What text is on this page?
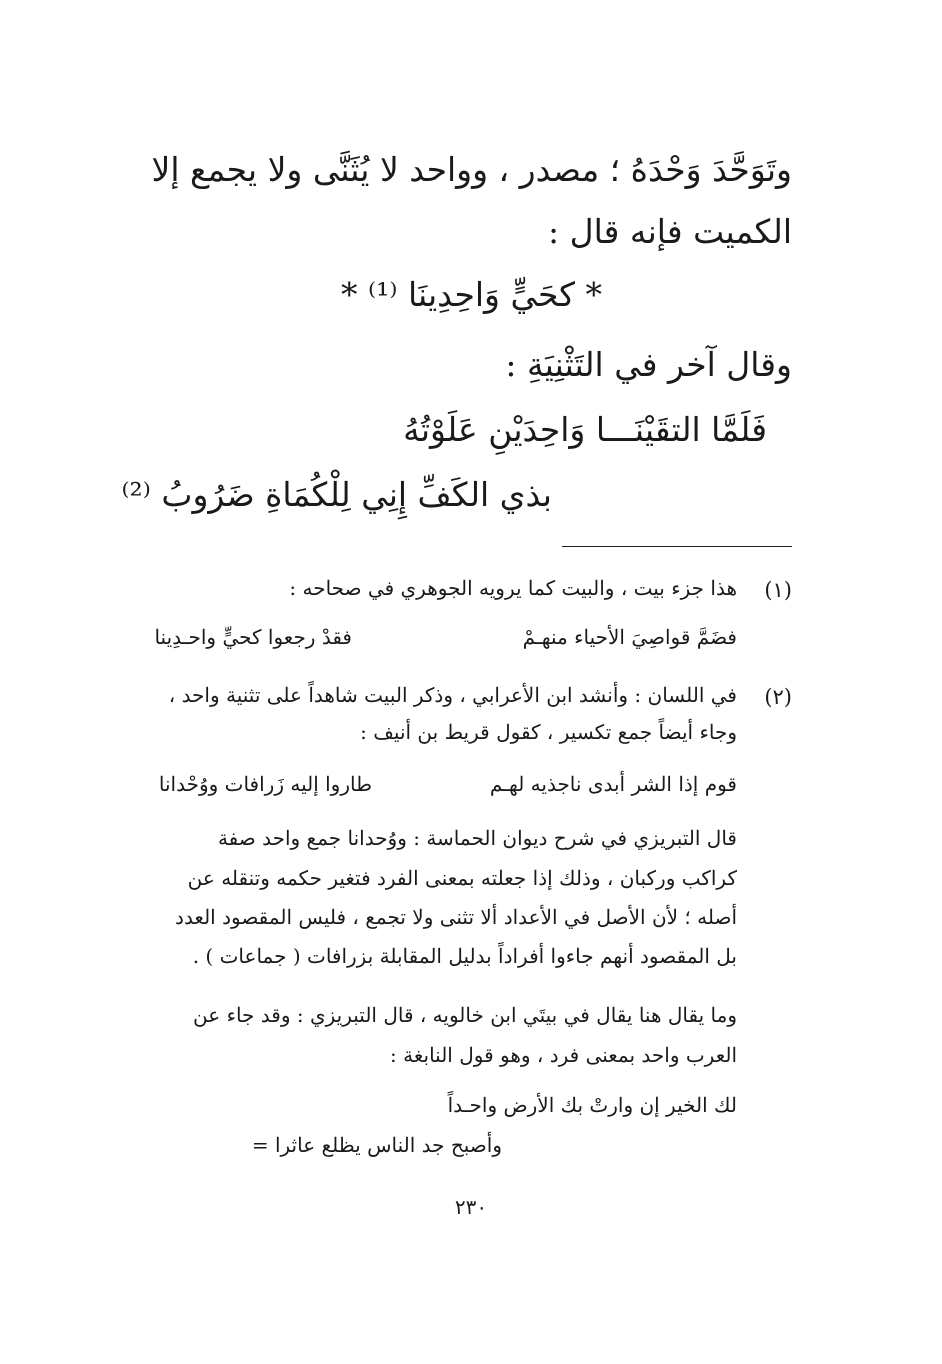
وتَوَحَّدَ وَحْدَهُ ؛ مصدر ، وواحد لا يُثَنَّى ولا يجمع إلا
الكميت فإنه قال :
* كحَيٍّ وَاحِدِينَا ⁽¹⁾ *
وقال آخر في التَثْنِيَةِ :
فَلَمَّا التقَيْنَـــا وَاحِدَيْنِ عَلَوْتُهُ
بذي الكَفِّ إِنِي لِلْكُمَاةِ ضَرُوبُ ⁽²⁾
(١)
هذا جزء بيت ، والبيت كما يرويه الجوهري في صحاحه :
فضَمَّ قواصِيَ الأحياء منهـمْ
فقدْ رجعوا كحيٍّ واحـدِينا
(٢)
في اللسان : وأنشد ابن الأعرابي ، وذكر البيت شاهداً على تثنية واحد ،
وجاء أيضاً جمع تكسير ، كقول قريط بن أنيف :
قوم إذا الشر أبدى ناجذيه لهـم
طاروا إليه زَرافات ووُحْدانا
قال التبريزي في شرح ديوان الحماسة : ووُحدانا جمع واحد صفة
كراكب وركبان ، وذلك إذا جعلته بمعنى الفرد فتغير حكمه وتنقله عن
أصله ؛ لأن الأصل في الأعداد ألا تثنى ولا تجمع ، فليس المقصود العدد
بل المقصود أنهم جاءوا أفراداً بدليل المقابلة بزرافات ( جماعات ) .
وما يقال هنا يقال في بيتَي ابن خالويه ، قال التبريزي : وقد جاء عن
العرب واحد بمعنى فرد ، وهو قول النابغة :
لك الخير إن وارتْ بك الأرض واحـداً
وأصبح جد الناس يظلع عاثرا =
٢٣٠
